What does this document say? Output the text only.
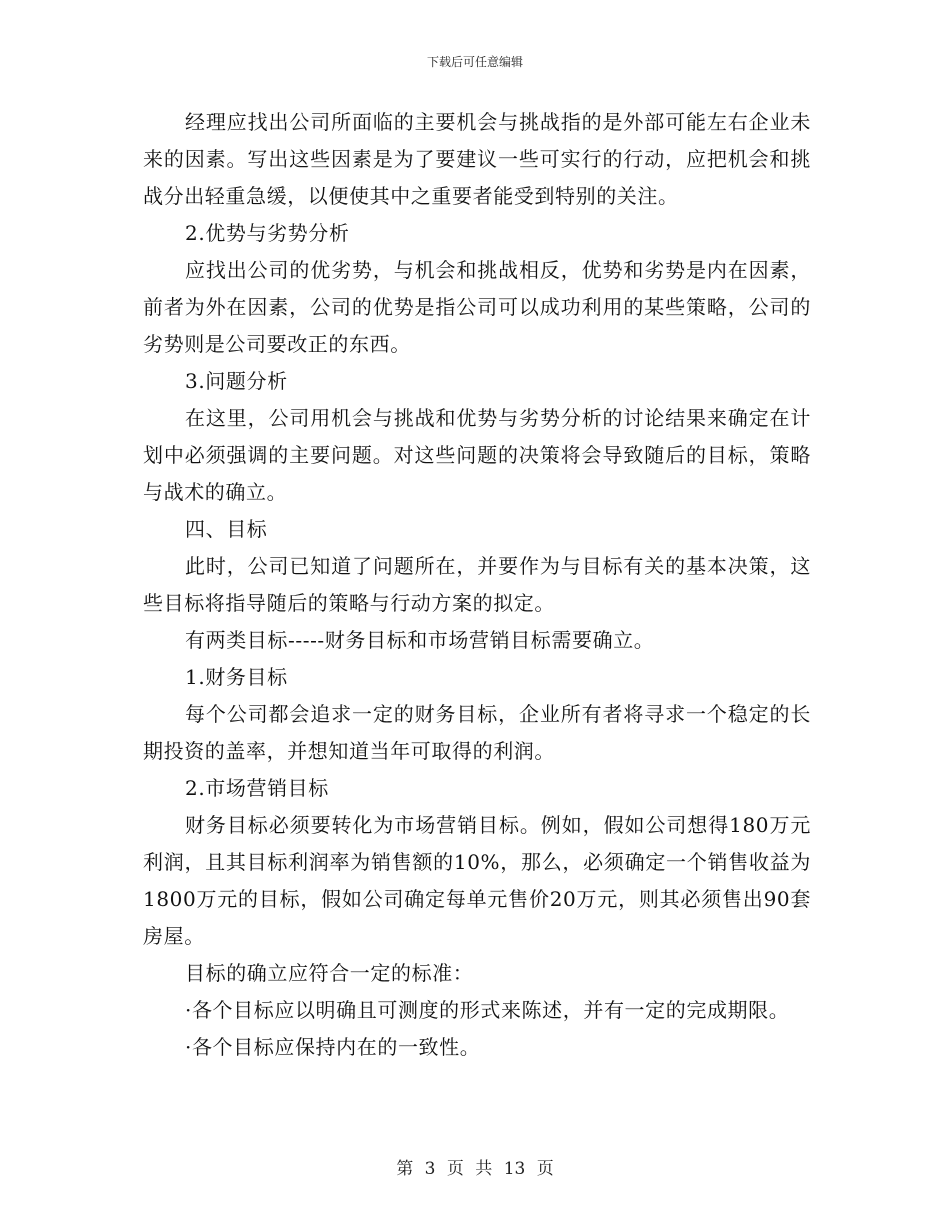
下载后可任意编辑

经理应找出公司所面临的主要机会与挑战指的是外部可能左右企业未来的因素。写出这些因素是为了要建议一些可实行的行动，应把机会和挑战分出轻重急缓，以便使其中之重要者能受到特别的关注。

2.优势与劣势分析

应找出公司的优劣势，与机会和挑战相反，优势和劣势是内在因素，前者为外在因素，公司的优势是指公司可以成功利用的某些策略，公司的劣势则是公司要改正的东西。

3.问题分析

在这里，公司用机会与挑战和优势与劣势分析的讨论结果来确定在计划中必须强调的主要问题。对这些问题的决策将会导致随后的目标，策略与战术的确立。

四、目标

此时，公司已知道了问题所在，并要作为与目标有关的基本决策，这些目标将指导随后的策略与行动方案的拟定。

有两类目标-----财务目标和市场营销目标需要确立。

1.财务目标

每个公司都会追求一定的财务目标，企业所有者将寻求一个稳定的长期投资的盖率，并想知道当年可取得的利润。

2.市场营销目标

财务目标必须要转化为市场营销目标。例如，假如公司想得180万元利润，且其目标利润率为销售额的10%，那么，必须确定一个销售收益为1800万元的目标，假如公司确定每单元售价20万元，则其必须售出90套房屋。

目标的确立应符合一定的标准：

·各个目标应以明确且可测度的形式来陈述，并有一定的完成期限。

·各个目标应保持内在的一致性。

第 3 页 共 13 页
